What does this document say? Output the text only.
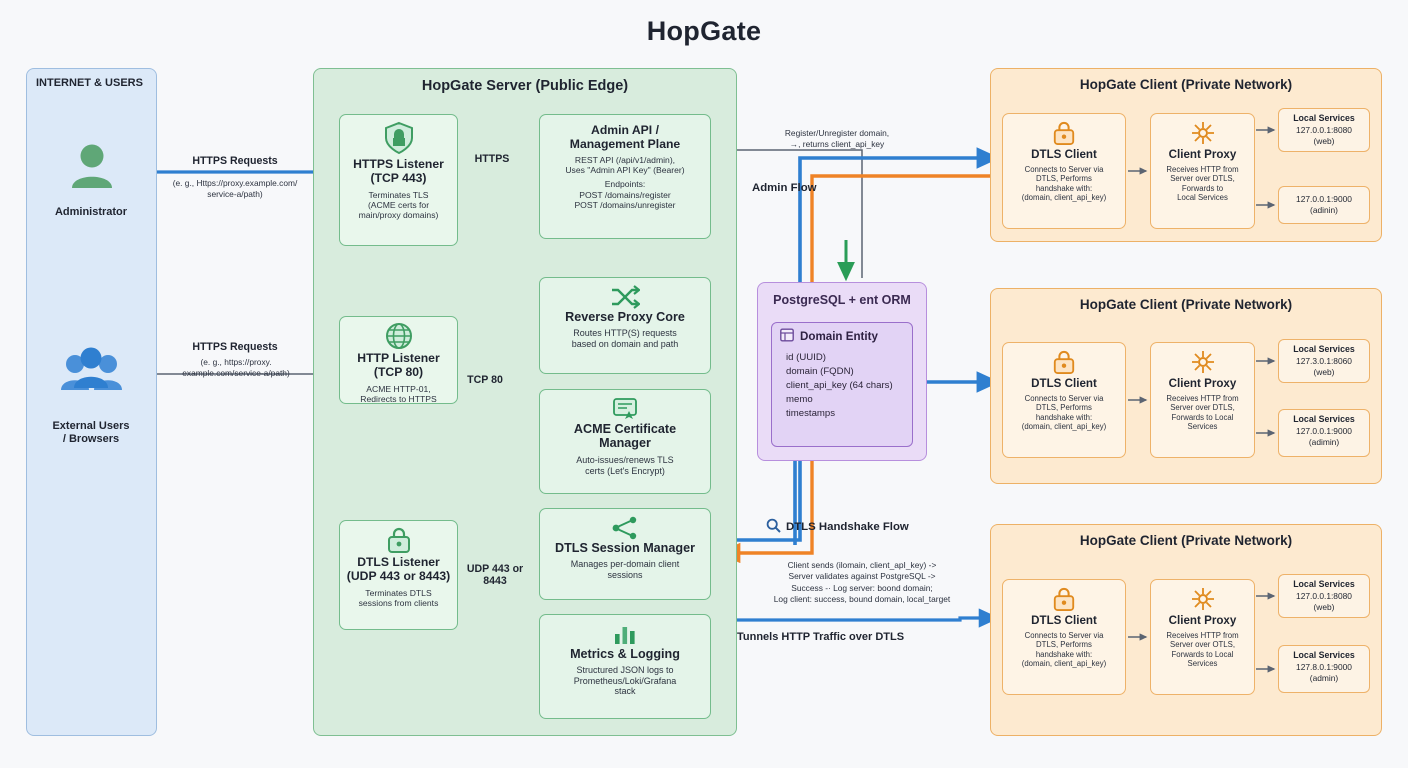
HopGate
INTERNET & USERS
Administrator
External Users
/ Browsers
HTTPS Requests
(e. g., Https://proxy.example.com/
service-a/path)
HTTPS Requests
(e. g., https://proxy.
example.com/service-a/path)
HopGate Server (Public Edge)
HTTPS Listener
(TCP 443)
Terminates TLS
(ACME certs for
main/proxy domains)
HTTP Listener
(TCP 80)
ACME HTTP-01,
Redirects to HTTPS
DTLS Listener
(UDP 443 or 8443)
Terminates DTLS
sessions from clients
Admin API /
Management Plane
REST API (/api/v1/admin),
Uses "Admin API Key" (Bearer)
Endpoints:
POST /domains/register
POST /domains/unregister
Reverse Proxy Core
Routes HTTP(S) requests
based on domain and path
ACME Certificate
Manager
Auto-issues/renews TLS
certs (Let's Encrypt)
DTLS Session Manager
Manages per-domain client
sessions
Metrics & Logging
Structured JSON logs to
Prometheus/Loki/Grafana
stack
HTTPS
TCP 80
UDP 443 or
8443
PostgreSQL + ent ORM
Domain Entity
id (UUID)
domain (FQDN)
client_api_key (64 chars)
memo
timestamps
Register/Unregister domain,
→, returns client_api_key
Admin Flow
DTLS Handshake Flow
Client sends (ilomain, client_apI_key) ->
Server validates against PostgreSQL ->
Success -· Log server: boond domain;
Log client: success, bound domain, local_target
Tunnels HTTP Traffic over DTLS
HopGate Client (Private Network)
HopGate Client (Private Network)
HopGate Client (Private Network)
DTLS Client
Connects to Server via
DTLS, Performs
handshake with:
(domain, client_api_key)
Client Proxy
Receives HTTP from
Server over DTLS,
Forwards to
Local Services
Local Services
127.0.0.1:8080
(web)
127.0.0.1:9000
(adinin)
DTLS Client
Connects to Server via
DTLS, Performs
handshake with:
(domain, client_api_key)
Client Proxy
Receives HTTP from
Server over DTLS,
Forwards to Local
Services
Local Services
127.3.0.1:8060
(web)
Local Services
127.0.0.1:9000
(adimin)
DTLS Client
Connects to Server via
DTLS, Performs
handshake with:
(domain, client_api_key)
Client Proxy
Receives HTTP from
Server over OTLS,
Forwards to Local
Services
Local Services
127.0.0.1:8080
(web)
Local Services
127.8.0.1:9000
(admin)
